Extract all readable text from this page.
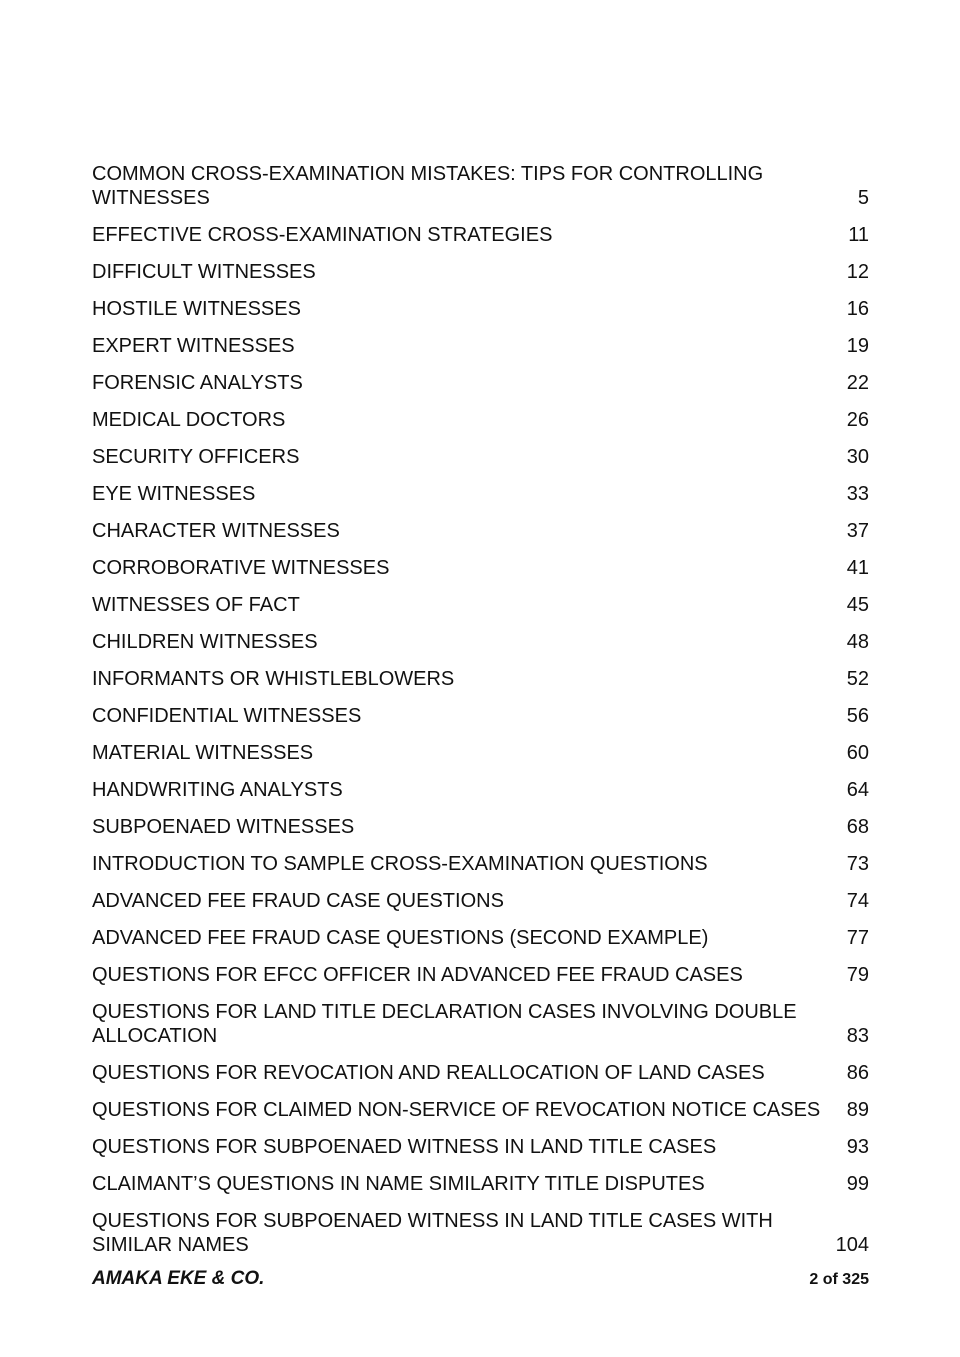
COMMON CROSS-EXAMINATION MISTAKES: TIPS FOR CONTROLLING WITNESSES	5
EFFECTIVE CROSS-EXAMINATION STRATEGIES	11
DIFFICULT WITNESSES	12
HOSTILE WITNESSES	16
EXPERT WITNESSES	19
FORENSIC ANALYSTS	22
MEDICAL DOCTORS	26
SECURITY OFFICERS	30
EYE WITNESSES	33
CHARACTER WITNESSES	37
CORROBORATIVE WITNESSES	41
WITNESSES OF FACT	45
CHILDREN WITNESSES	48
INFORMANTS OR WHISTLEBLOWERS	52
CONFIDENTIAL WITNESSES	56
MATERIAL WITNESSES	60
HANDWRITING ANALYSTS	64
SUBPOENAED WITNESSES	68
INTRODUCTION TO SAMPLE CROSS-EXAMINATION QUESTIONS	73
ADVANCED FEE FRAUD CASE QUESTIONS	74
ADVANCED FEE FRAUD CASE QUESTIONS (SECOND EXAMPLE)	77
QUESTIONS FOR EFCC OFFICER IN ADVANCED FEE FRAUD CASES	79
QUESTIONS FOR LAND TITLE DECLARATION CASES INVOLVING DOUBLE ALLOCATION	83
QUESTIONS FOR REVOCATION AND REALLOCATION OF LAND CASES	86
QUESTIONS FOR CLAIMED NON-SERVICE OF REVOCATION NOTICE CASES	89
QUESTIONS FOR SUBPOENAED WITNESS IN LAND TITLE CASES	93
CLAIMANT’S QUESTIONS IN NAME SIMILARITY TITLE DISPUTES	99
QUESTIONS FOR SUBPOENAED WITNESS IN LAND TITLE CASES WITH SIMILAR NAMES	104
AMAKA EKE & CO.	2 of 325
